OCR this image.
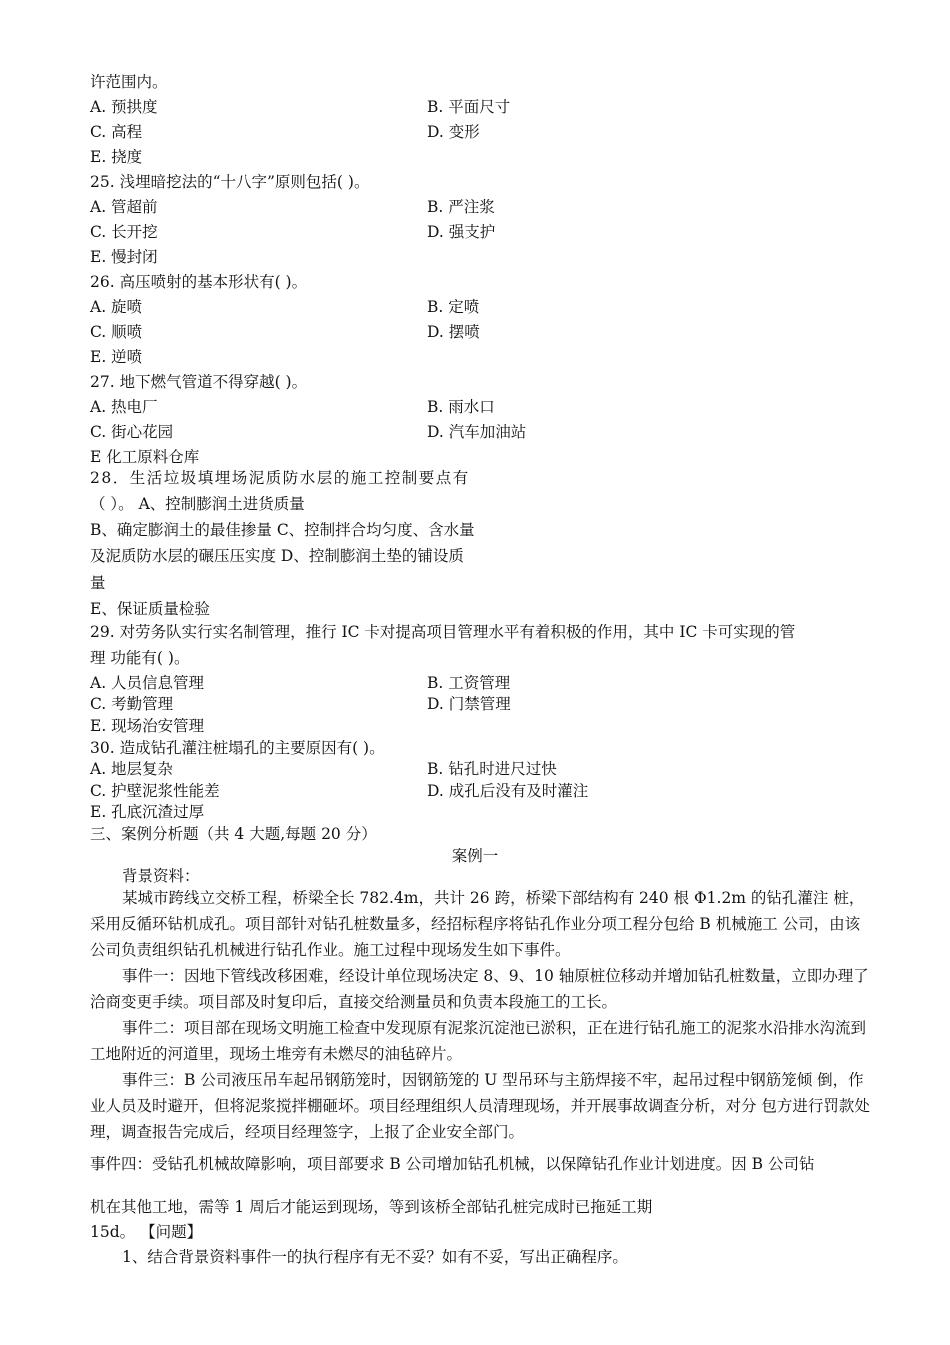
许范围内。
A. 预拱度	B. 平面尺寸
C. 高程	D. 变形
E. 挠度
25. 浅埋暗挖法的“十八字”原则包括( )。
A. 管超前	B. 严注浆
C. 长开挖	D. 强支护
E. 慢封闭
26. 高压喷射的基本形状有( )。
A. 旋喷	B. 定喷
C. 顺喷	D. 摆喷
E. 逆喷
27. 地下燃气管道不得穿越( )。
A. 热电厂	B. 雨水口
C. 街心花园	D. 汽车加油站
E 化工原料仓库
28．生活垃圾填埋场泥质防水层的施工控制要点有
（ ）。 A、控制膨润土进货质量
B、确定膨润土的最佳掺量 C、控制拌合均匀度、含水量
及泥质防水层的碾压压实度 D、控制膨润土垫的铺设质
量
E、保证质量检验
29. 对劳务队实行实名制管理，推行 IC 卡对提高项目管理水平有着积极的作用，其中 IC 卡可实现的管
理 功能有( )。
A. 人员信息管理	B. 工资管理
C. 考勤管理	D. 门禁管理
E. 现场治安管理
30. 造成钻孔灌注桩塌孔的主要原因有( )。
A. 地层复杂	B. 钻孔时进尺过快
C. 护壁泥浆性能差	D. 成孔后没有及时灌注
E. 孔底沉渣过厚
三、案例分析题（共 4 大题,每题 20 分）
案例一
背景资料：

某城市跨线立交桥工程，桥梁全长 782.4m，共计 26 跨，桥梁下部结构有 240 根 Φ1.2m 的钻孔灌注 桩，采用反循环钻机成孔。项目部针对钻孔桩数量多，经招标程序将钻孔作业分项工程分包给 B 机械施工 公司，由该公司负责组织钻孔机械进行钻孔作业。施工过程中现场发生如下事件。

事件一：因地下管线改移困难，经设计单位现场决定 8、9、10 轴原桩位移动并增加钻孔桩数量，立即办理了洽商变更手续。项目部及时复印后，直接交给测量员和负责本段施工的工长。

事件二：项目部在现场文明施工检查中发现原有泥浆沉淀池已淤积，正在进行钻孔施工的泥浆水沿排水沟流到工地附近的河道里，现场土堆旁有未燃尽的油毡碎片。

事件三：B 公司液压吊车起吊钢筋笼时，因钢筋笼的 U 型吊环与主筋焊接不牢，起吊过程中钢筋笼倾 倒，作业人员及时避开，但将泥浆搅拌棚砸坏。项目经理组织人员清理现场，并开展事故调查分析，对分 包方进行罚款处理，调查报告完成后，经项目经理签字，上报了企业安全部门。

事件四：受钻孔机械故障影响，项目部要求 B 公司增加钻孔机械，以保障钻孔作业计划进度。因 B 公司钻
机在其他工地，需等 1 周后才能运到现场，等到该桥全部钻孔桩完成时已拖延工期
15d。 【问题】
1、结合背景资料事件一的执行程序有无不妥？如有不妥，写出正确程序。
